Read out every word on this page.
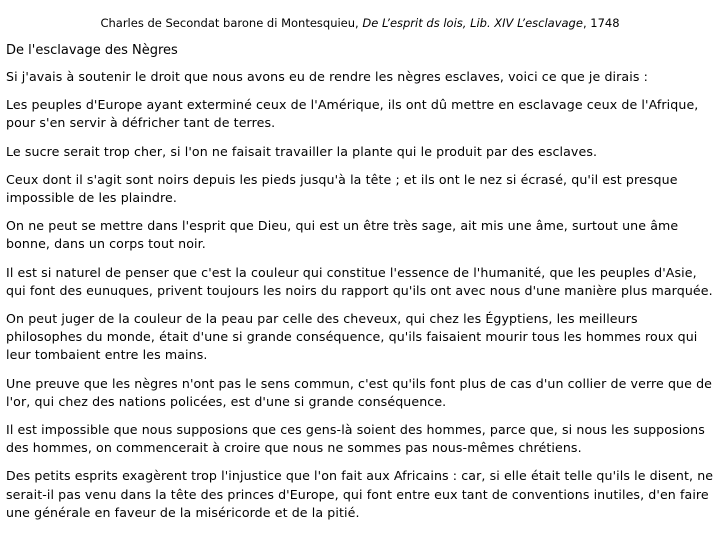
Charles de Secondat barone di Montesquieu, De L’esprit ds lois, Lib. XIV L’esclavage, 1748
De l'esclavage des Nègres

Si j'avais à soutenir le droit que nous avons eu de rendre les nègres esclaves, voici ce que je dirais :

Les peuples d'Europe ayant exterminé ceux de l'Amérique, ils ont dû mettre en esclavage ceux de l'Afrique, pour s'en servir à défricher tant de terres.

Le sucre serait trop cher, si l'on ne faisait travailler la plante qui le produit par des esclaves.

Ceux dont il s'agit sont noirs depuis les pieds jusqu'à la tête ; et ils ont le nez si écrasé, qu'il est presque impossible de les plaindre.

On ne peut se mettre dans l'esprit que Dieu, qui est un être très sage, ait mis une âme, surtout une âme bonne, dans un corps tout noir.

Il est si naturel de penser que c'est la couleur qui constitue l'essence de l'humanité, que les peuples d'Asie, qui font des eunuques, privent toujours les noirs du rapport qu'ils ont avec nous d'une manière plus marquée.

On peut juger de la couleur de la peau par celle des cheveux, qui chez les Égyptiens, les meilleurs philosophes du monde, était d'une si grande conséquence, qu'ils faisaient mourir tous les hommes roux qui leur tombaient entre les mains.

Une preuve que les nègres n'ont pas le sens commun, c'est qu'ils font plus de cas d'un collier de verre que de l'or, qui chez des nations policées, est d'une si grande conséquence.

Il est impossible que nous supposions que ces gens-là soient des hommes, parce que, si nous les supposions des hommes, on commencerait à croire que nous ne sommes pas nous-mêmes chrétiens.

Des petits esprits exagèrent trop l'injustice que l'on fait aux Africains : car, si elle était telle qu'ils le disent, ne serait-il pas venu dans la tête des princes d'Europe, qui font entre eux tant de conventions inutiles, d'en faire une générale en faveur de la miséricorde et de la pitié.
